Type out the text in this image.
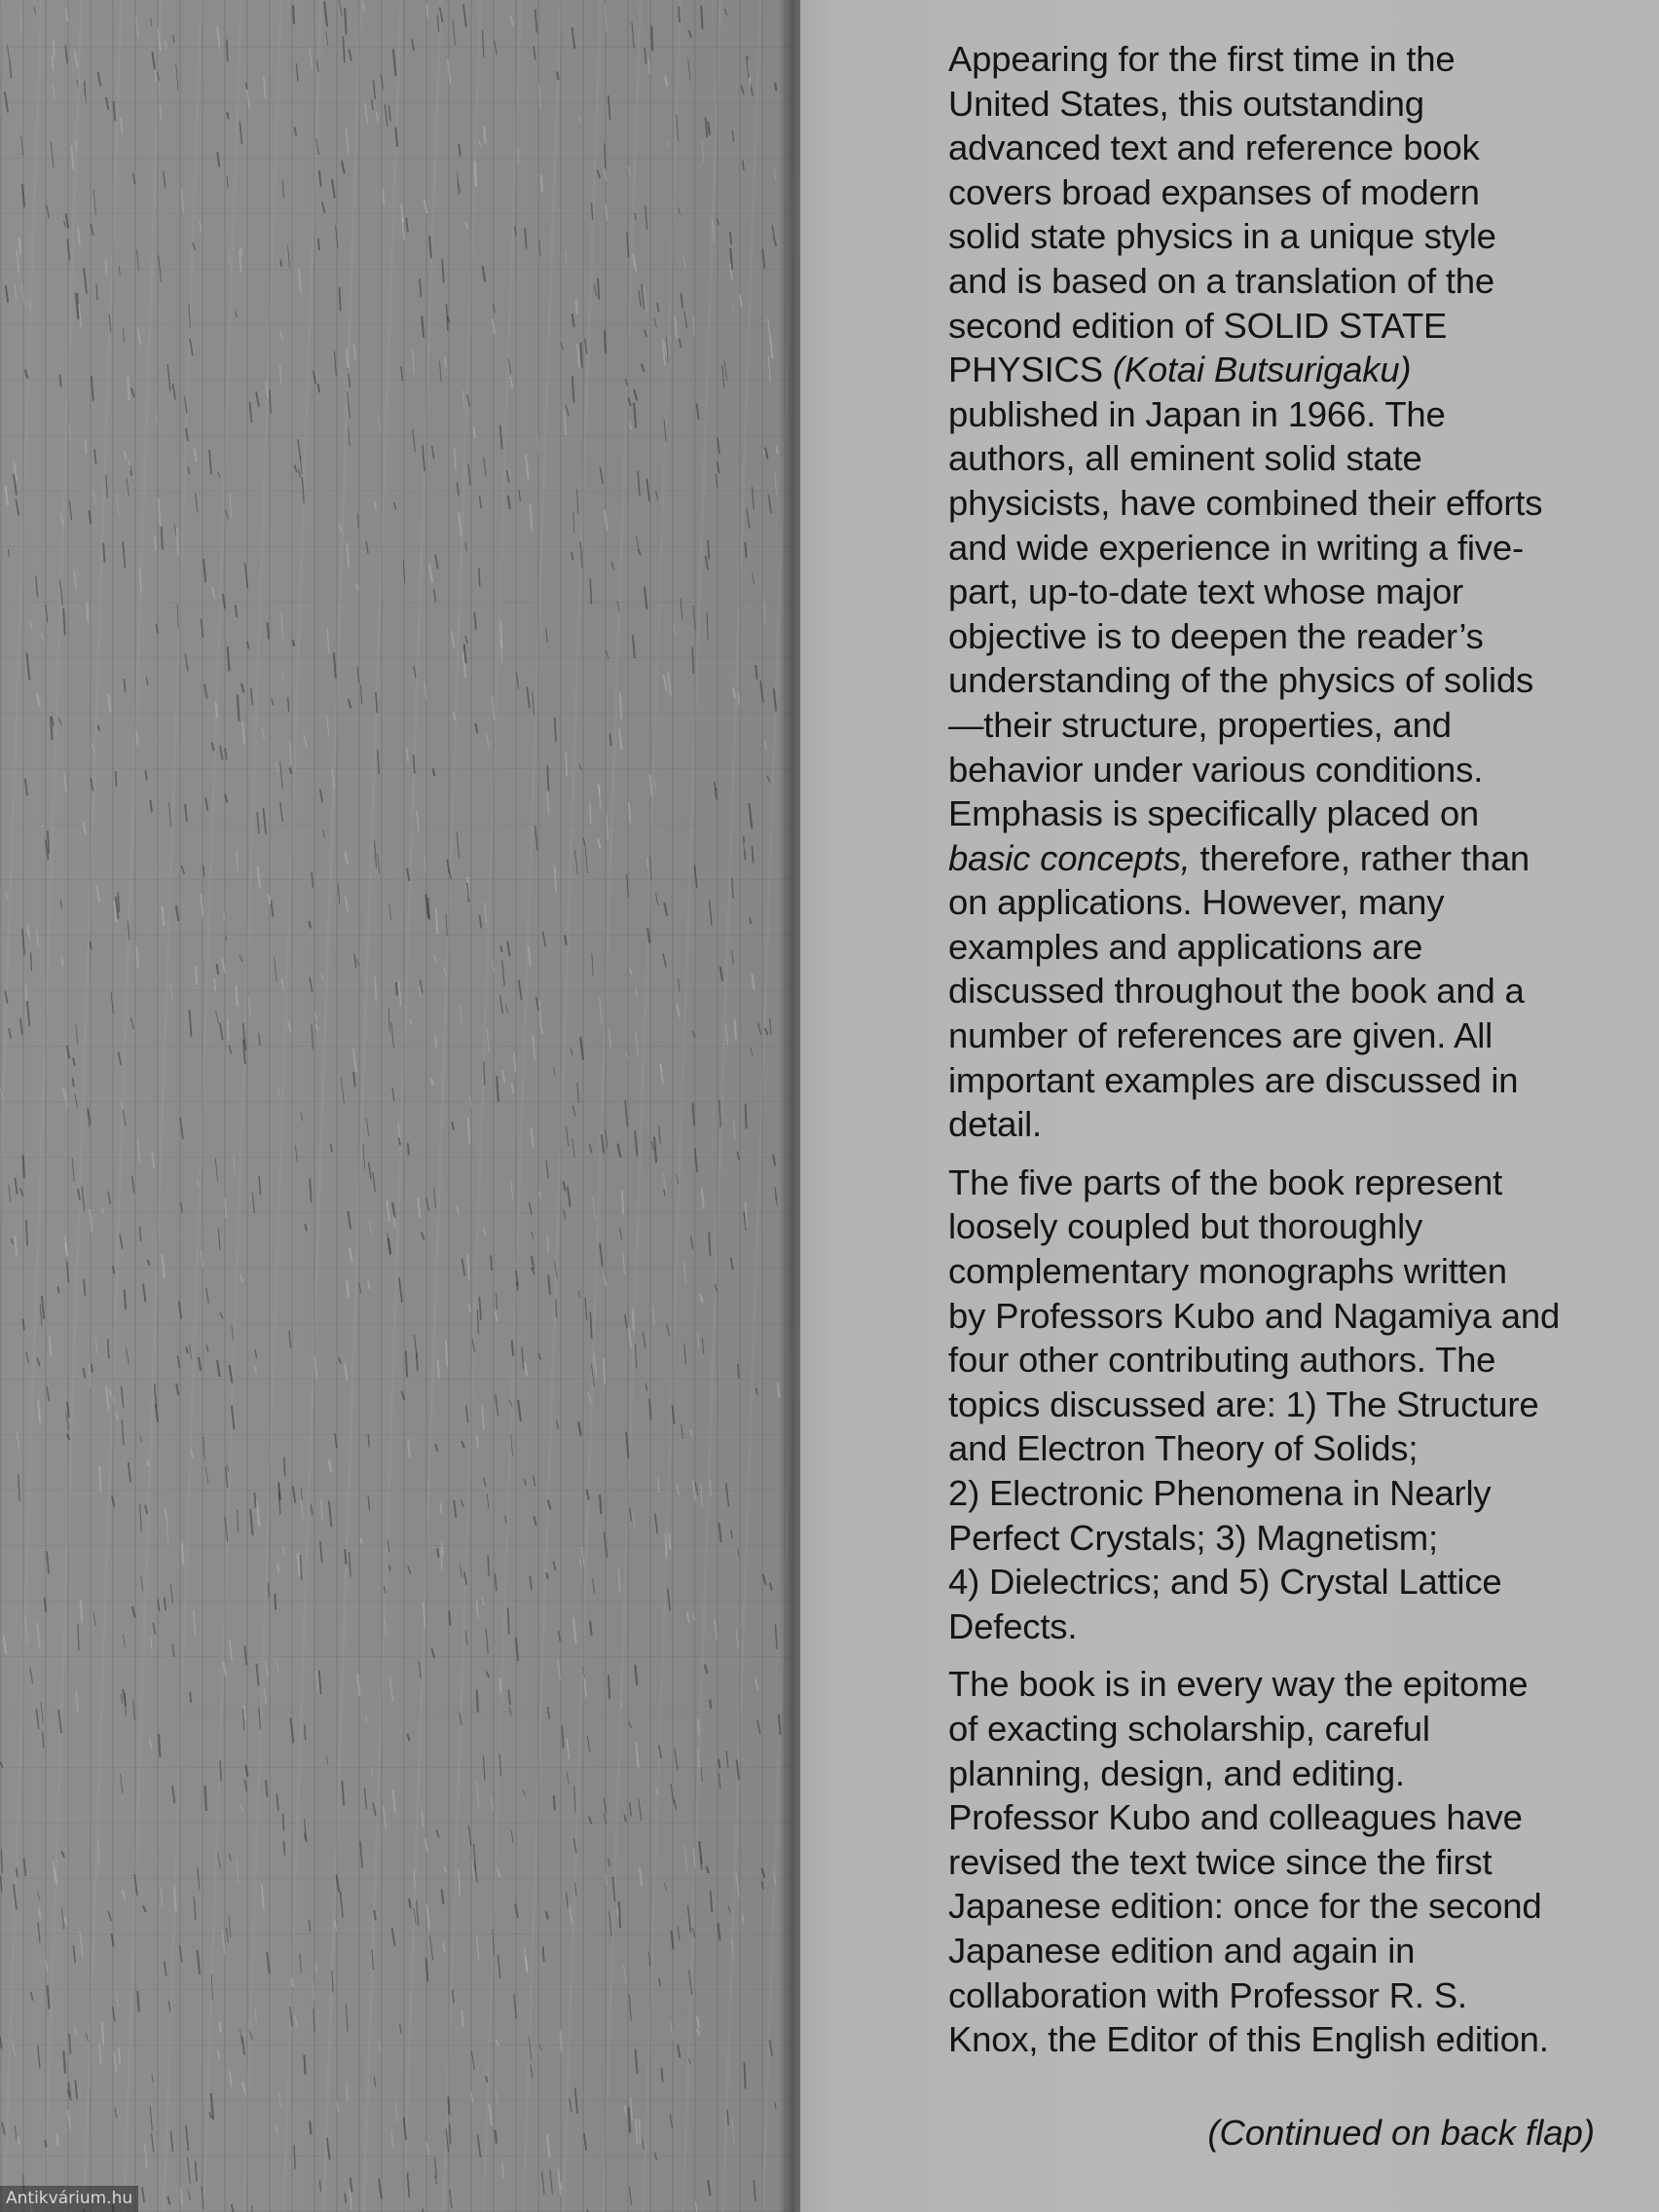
Appearing for the first time in the
United States, this outstanding
advanced text and reference book
covers broad expanses of modern
solid state physics in a unique style
and is based on a translation of the
second edition of SOLID STATE
PHYSICS (Kotai Butsurigaku)
published in Japan in 1966. The
authors, all eminent solid state
physicists, have combined their efforts
and wide experience in writing a five-
part, up-to-date text whose major
objective is to deepen the reader’s
understanding of the physics of solids
—their structure, properties, and
behavior under various conditions.
Emphasis is specifically placed on
basic concepts, therefore, rather than
on applications. However, many
examples and applications are
discussed throughout the book and a
number of references are given. All
important examples are discussed in
detail.

The five parts of the book represent
loosely coupled but thoroughly
complementary monographs written
by Professors Kubo and Nagamiya and
four other contributing authors. The
topics discussed are: 1) The Structure
and Electron Theory of Solids;
2) Electronic Phenomena in Nearly
Perfect Crystals; 3) Magnetism;
4) Dielectrics; and 5) Crystal Lattice
Defects.

The book is in every way the epitome
of exacting scholarship, careful
planning, design, and editing.
Professor Kubo and colleagues have
revised the text twice since the first
Japanese edition: once for the second
Japanese edition and again in
collaboration with Professor R. S.
Knox, the Editor of this English edition.

(Continued on back flap)
Antikvárium.hu
